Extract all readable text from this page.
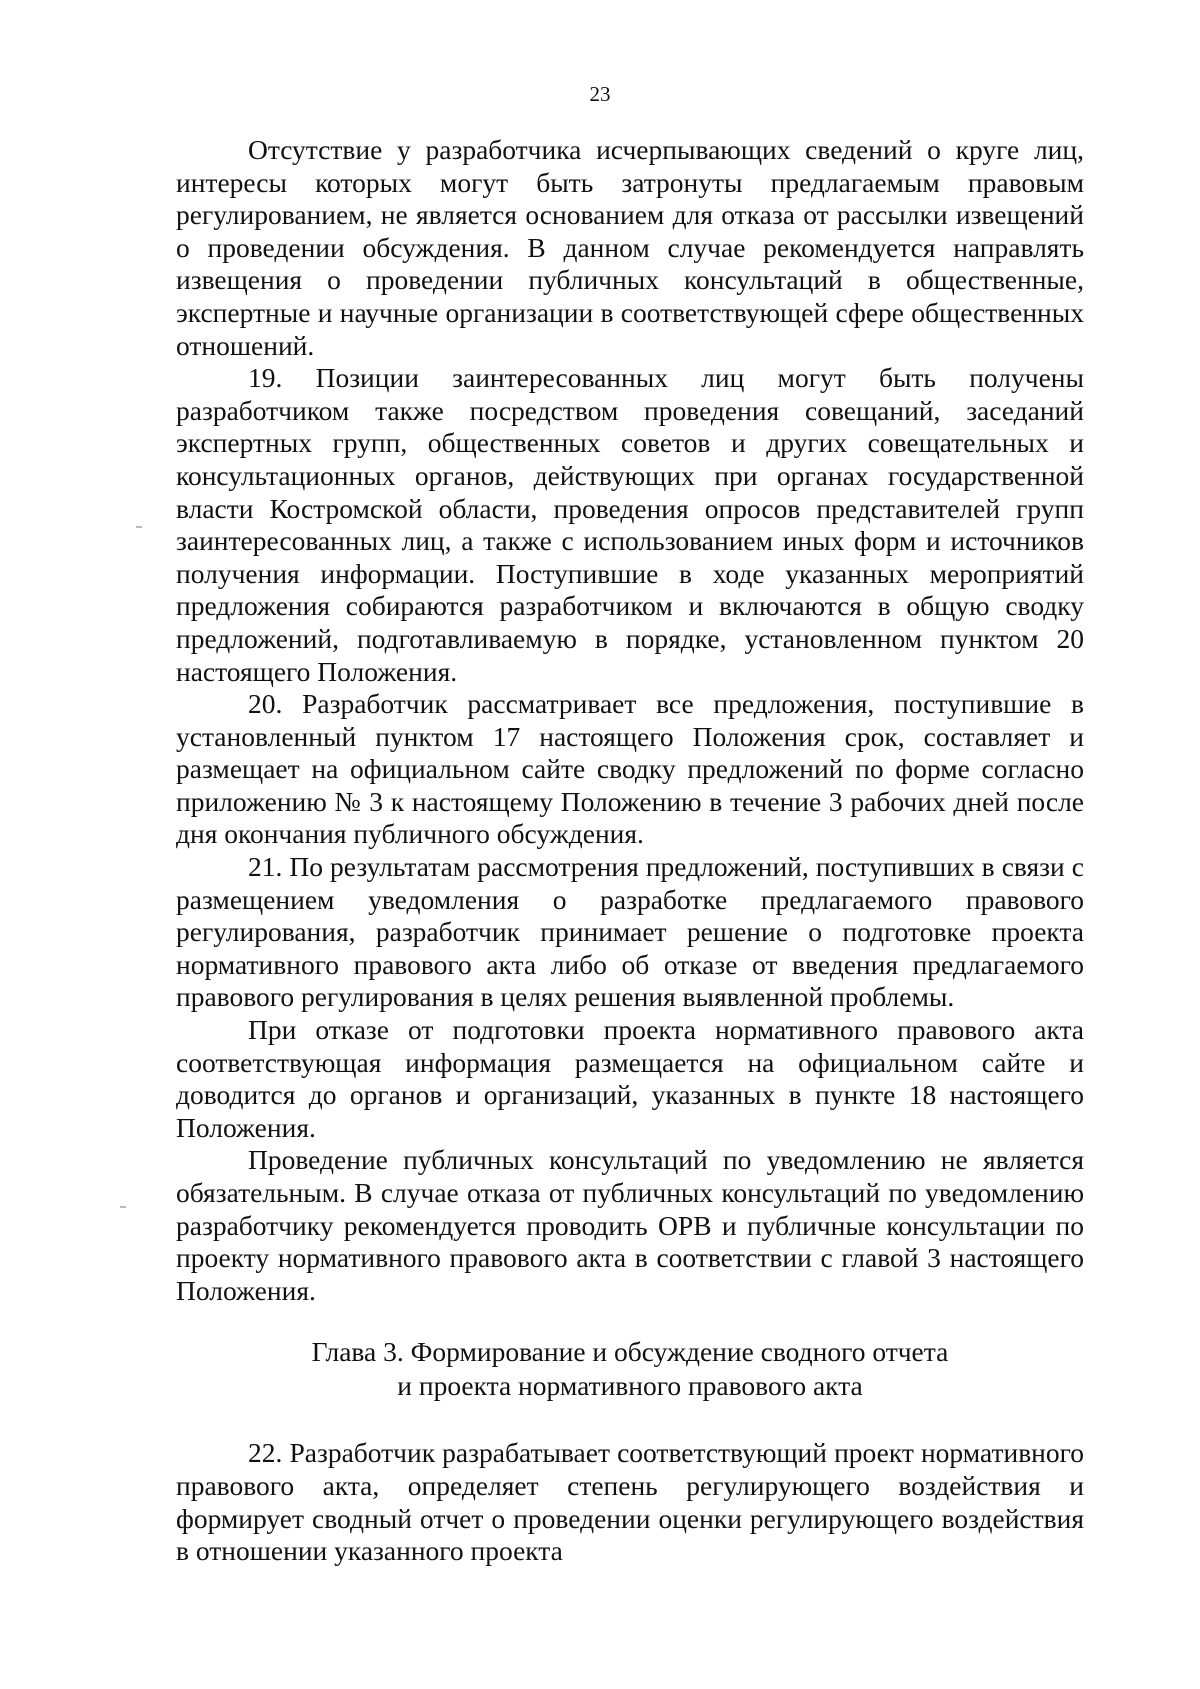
23

Отсутствие у разработчика исчерпывающих сведений о круге лиц, интересы которых могут быть затронуты предлагаемым правовым регулированием, не является основанием для отказа от рассылки извещений о проведении обсуждения. В данном случае рекомендуется направлять извещения о проведении публичных консультаций в общественные, экспертные и научные организации в соответствующей сфере общественных отношений.

19. Позиции заинтересованных лиц могут быть получены разработчиком также посредством проведения совещаний, заседаний экспертных групп, общественных советов и других совещательных и консультационных органов, действующих при органах государственной власти Костромской области, проведения опросов представителей групп заинтересованных лиц, а также с использованием иных форм и источников получения информации. Поступившие в ходе указанных мероприятий предложения собираются разработчиком и включаются в общую сводку предложений, подготавливаемую в порядке, установленном пунктом 20 настоящего Положения.

20. Разработчик рассматривает все предложения, поступившие в установленный пунктом 17 настоящего Положения срок, составляет и размещает на официальном сайте сводку предложений по форме согласно приложению № 3 к настоящему Положению в течение 3 рабочих дней после дня окончания публичного обсуждения.

21. По результатам рассмотрения предложений, поступивших в связи с размещением уведомления о разработке предлагаемого правового регулирования, разработчик принимает решение о подготовке проекта нормативного правового акта либо об отказе от введения предлагаемого правового регулирования в целях решения выявленной проблемы.

При отказе от подготовки проекта нормативного правового акта соответствующая информация размещается на официальном сайте и доводится до органов и организаций, указанных в пункте 18 настоящего Положения.

Проведение публичных консультаций по уведомлению не является обязательным. В случае отказа от публичных консультаций по уведомлению разработчику рекомендуется проводить ОРВ и публичные консультации по проекту нормативного правового акта в соответствии с главой 3 настоящего Положения.

Глава 3. Формирование и обсуждение сводного отчета
и проекта нормативного правового акта

22. Разработчик разрабатывает соответствующий проект нормативного правового акта, определяет степень регулирующего воздействия и формирует сводный отчет о проведении оценки регулирующего воздействия в отношении указанного проекта
